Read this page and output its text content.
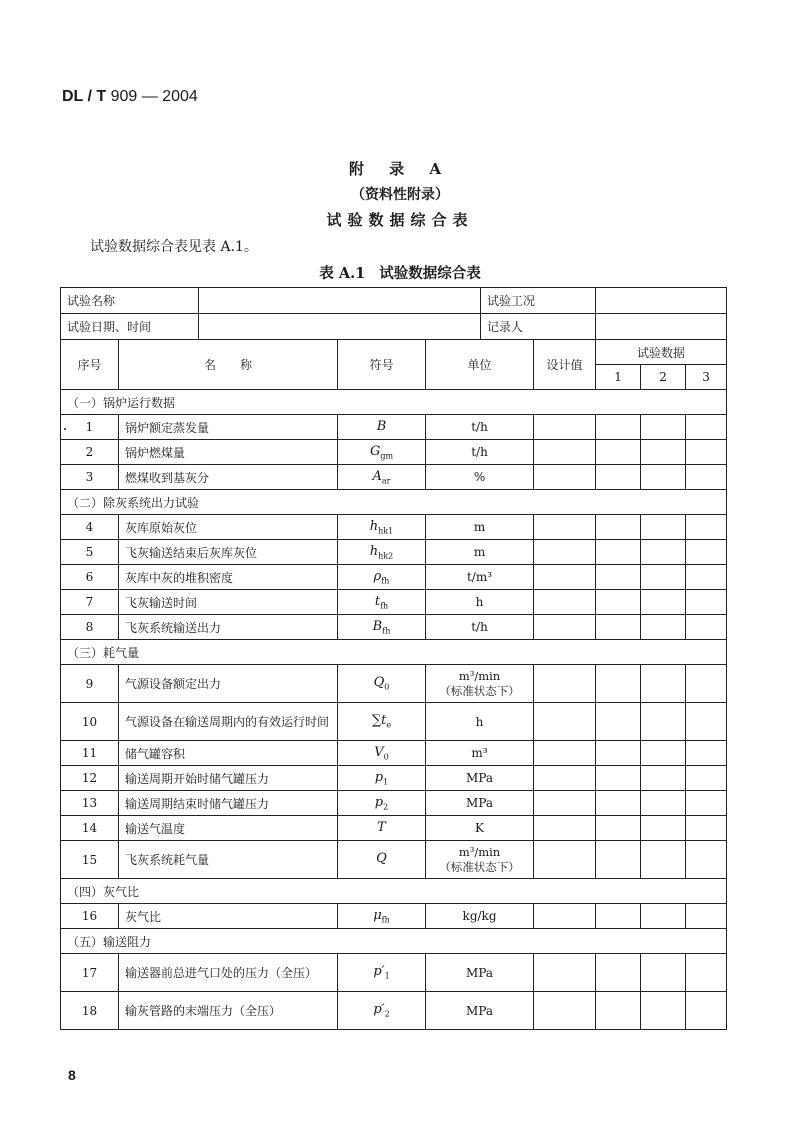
DL / T 909 — 2004
附 录 A
（资料性附录）
试验数据综合表
试验数据综合表见表 A.1。
表 A.1 试验数据综合表
试验名称					试验工况				
试验日期、时间					记录人				
序号	名　　称		符号	单位		设计值	试验数据		
							1	2	3
（一）锅炉运行数据									
1	锅炉额定蒸发量		B	t/h					

2	锅炉燃煤量		$G_{gm}$	t/h					

3	燃煤收到基灰分		$A_{ar}$	%					

（二）除灰系统出力试验									
4	灰库原始灰位		$h_{hk1}$	m					

5	飞灰输送结束后灰库灰位		$h_{hk2}$	m					

6	灰库中灰的堆积密度		$\rho_{fh}$	t/m³					

7	飞灰输送时间		$t_{fh}$	h					

8	飞灰系统输送出力		$B_{fh}$	t/h					

（三）耗气量									
9	气源设备额定出力		$Q_0$	m³/min
（标准状态下）					

10	气源设备在输送周期内的有效运行时间		$\sum t_e$	h					

11	储气罐容积		$V_0$	m³					

12	输送周期开始时储气罐压力		$p_1$	MPa					

13	输送周期结束时储气罐压力		$p_2$	MPa					

14	输送气温度		T	K					

15	飞灰系统耗气量		Q	m³/min
（标准状态下）					

（四）灰气比									
16	灰气比		$\mu_{fh}$	kg/kg					

（五）输送阻力									
17	输送器前总进气口处的压力（全压）		$p'_1$	MPa					

18	输灰管路的末端压力（全压）		$p'_2$	MPa					

8
